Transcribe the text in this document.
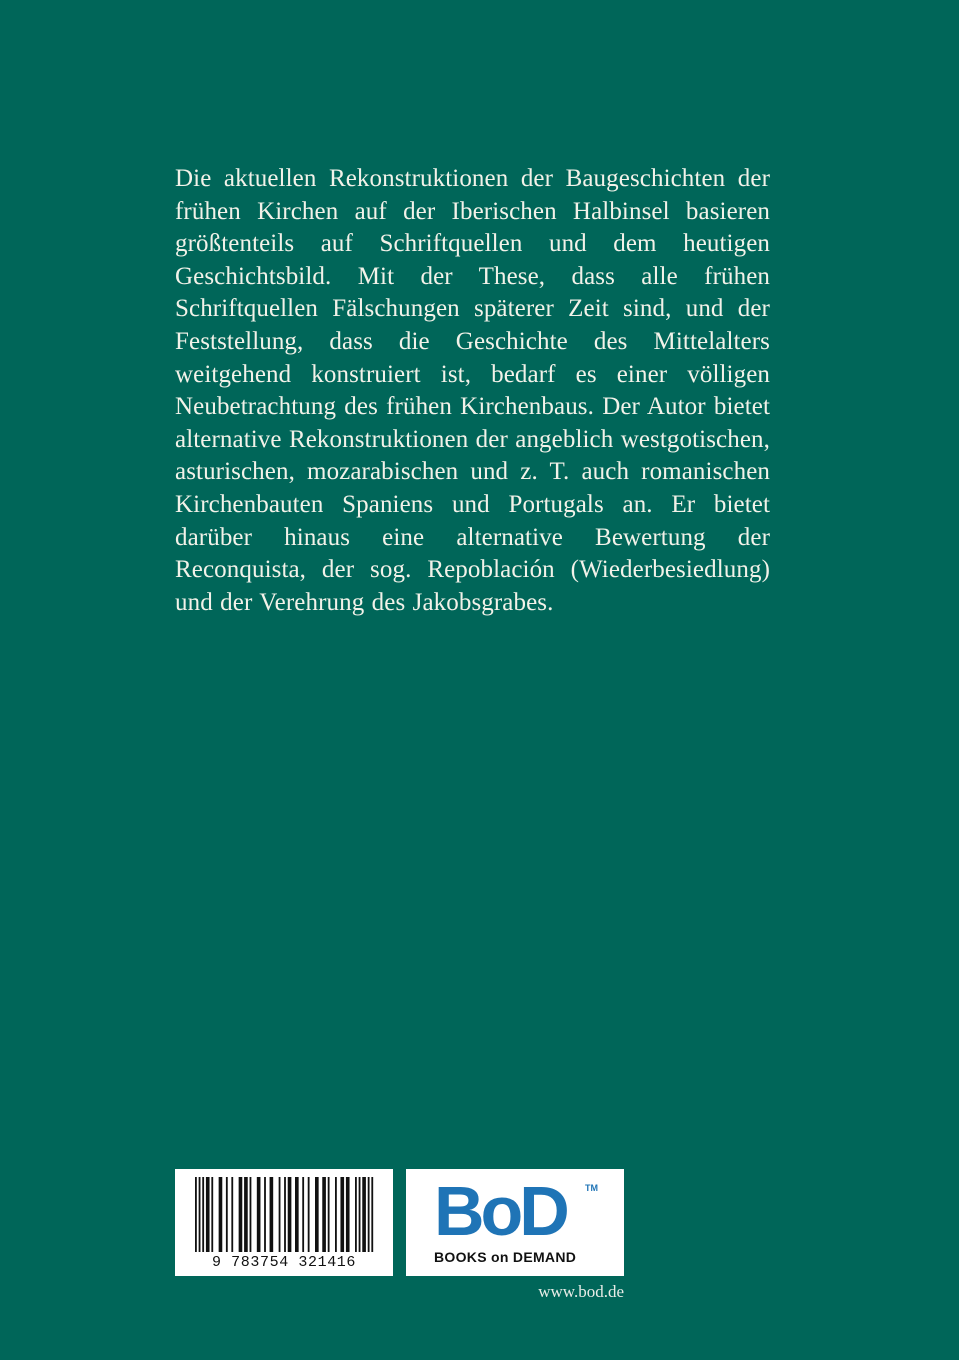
Die aktuellen Rekonstruktionen der Baugeschichten der frühen Kirchen auf der Iberischen Halbinsel basieren größtenteils auf Schriftquellen und dem heutigen Geschichtsbild. Mit der These, dass alle frühen Schriftquellen Fälschungen späterer Zeit sind, und der Feststellung, dass die Geschichte des Mittelalters weitgehend konstruiert ist, bedarf es einer völligen Neubetrachtung des frühen Kirchenbaus. Der Autor bietet alternative Rekonstruktionen der angeblich westgotischen, asturischen, mozarabischen und z. T. auch romanischen Kirchenbauten Spaniens und Portugals an. Er bietet darüber hinaus eine alternative Bewertung der Reconquista, der sog. Repoblación (Wiederbesiedlung) und der Verehrung des Jakobsgrabes.

9 783754 321416
BoD TM
BOOKS on DEMAND
www.bod.de
